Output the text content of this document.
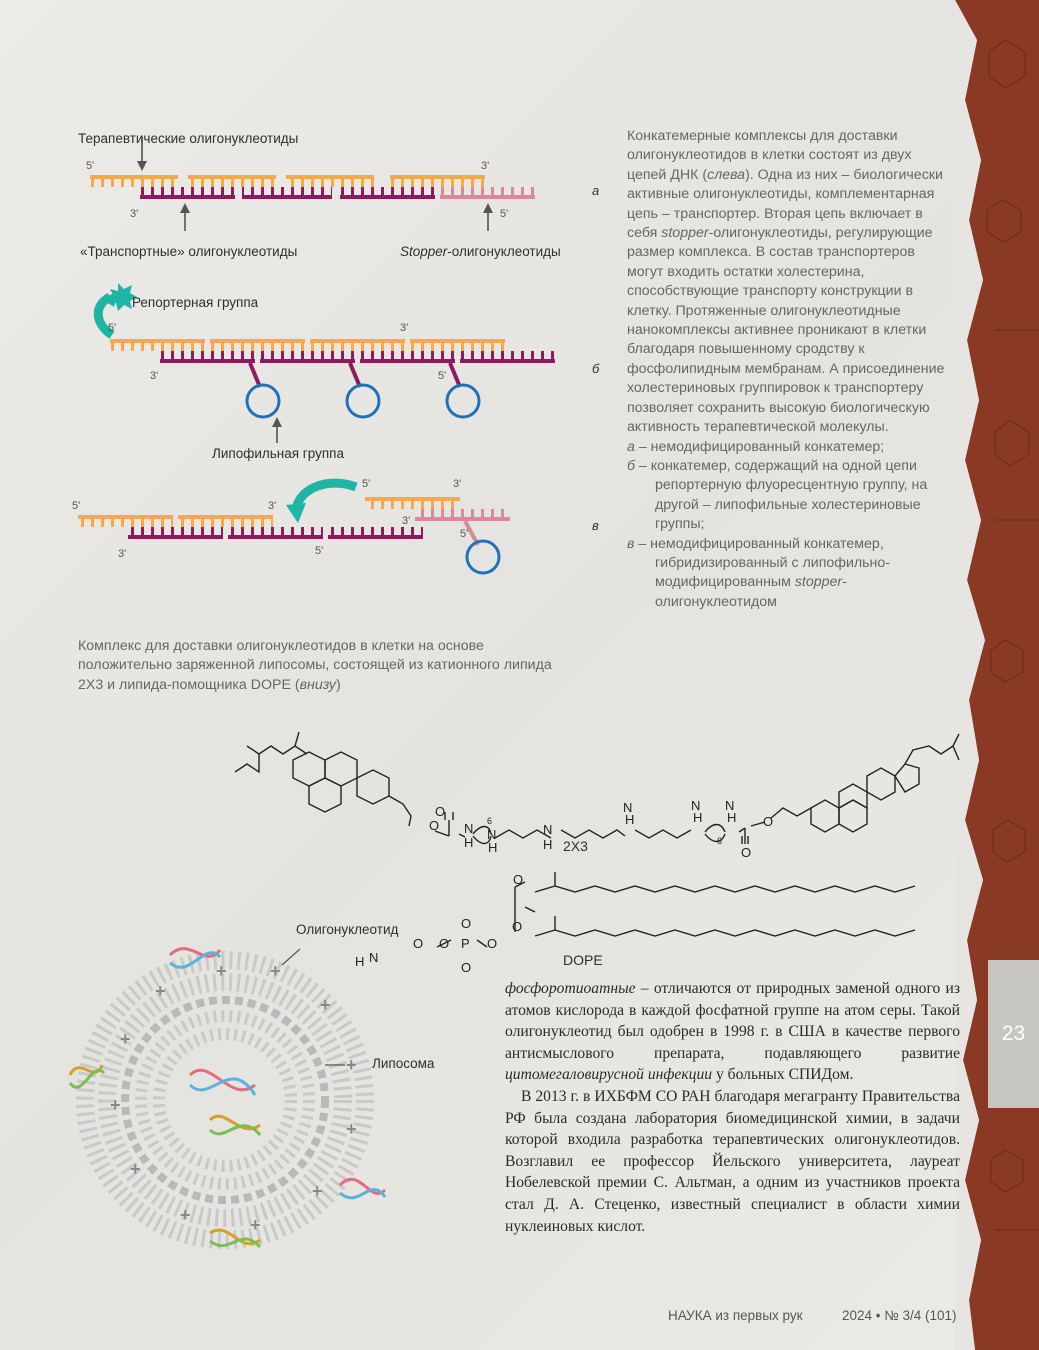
Терапевтические олигонуклеотиды
«Транспортные» олигонуклеотиды	Stopper-олигонуклеотиды
Репортерная группа
Липофильная группа
5'	3'
3'	5'
5'	3'
3'	5'
5'	3'
5'	3'
3'
3'	5'
5'
а
б
в

Конкатемерные комплексы для доставки олигонуклеотидов в клетки состоят из двух цепей ДНК (слева). Одна из них – биологически активные олигонуклеотиды, комплементарная цепь – транспортер. Вторая цепь включает в себя stopper-олигонуклеотиды, регулирующие размер комплекса. В состав транспортеров могут входить остатки холестерина, способствующие транспорту конструкции в клетку. Протяженные олигонуклеотидные нанокомплексы активнее проникают в клетки благодаря повышенному сродству к фосфолипидным мембранам. А присоединение холестериновых группировок к транспортеру позволяет сохранить высокую биологическую активность терапевтической молекулы.

а – немодифицированный конкатемер;

б – конкатемер, содержащий на одной цепи репортерную флуоресцентную группу, на другой – липофильные холестериновые группы;

в – немодифицированный конкатемер, гибридизированный с липофильно-модифицированным stopper-олигонуклеотидом

Комплекс для доставки олигонуклеотидов в клетки на основе положительно заряженной липосомы, состоящей из катионного липида 2Х3 и липида-помощника DOPE (внизу)
O
O
N
H
6
N
H
N
H
N
H
N
H
6
N
H
O
O
O
O
O	O
P
O
O
H N
O
2Х3
DOPE
+
+
+
+
+
+	+
+
+
+
+
+
Олигонуклеотид
Липосома

фосфоротиоатные – отличаются от природных заменой одного из атомов кислорода в каждой фосфатной группе на атом серы. Такой олигонуклеотид был одобрен в 1998 г. в США в качестве первого антисмыслового препарата, подавляющего развитие цитомегаловирусной инфекции у больных СПИДом.

В 2013 г. в ИХБФМ СО РАН благодаря мегагранту Правительства РФ была создана лаборатория биомедицинской химии, в задачи которой входила разработка терапевтических олигонуклеотидов. Возглавил ее профессор Йельского университета, лауреат Нобелевской премии С. Альтман, а одним из участников проекта стал Д. А. Стеценко, известный специалист в области химии нуклеиновых кислот.

23
НАУКА из первых рук	2024 • № 3/4 (101)
